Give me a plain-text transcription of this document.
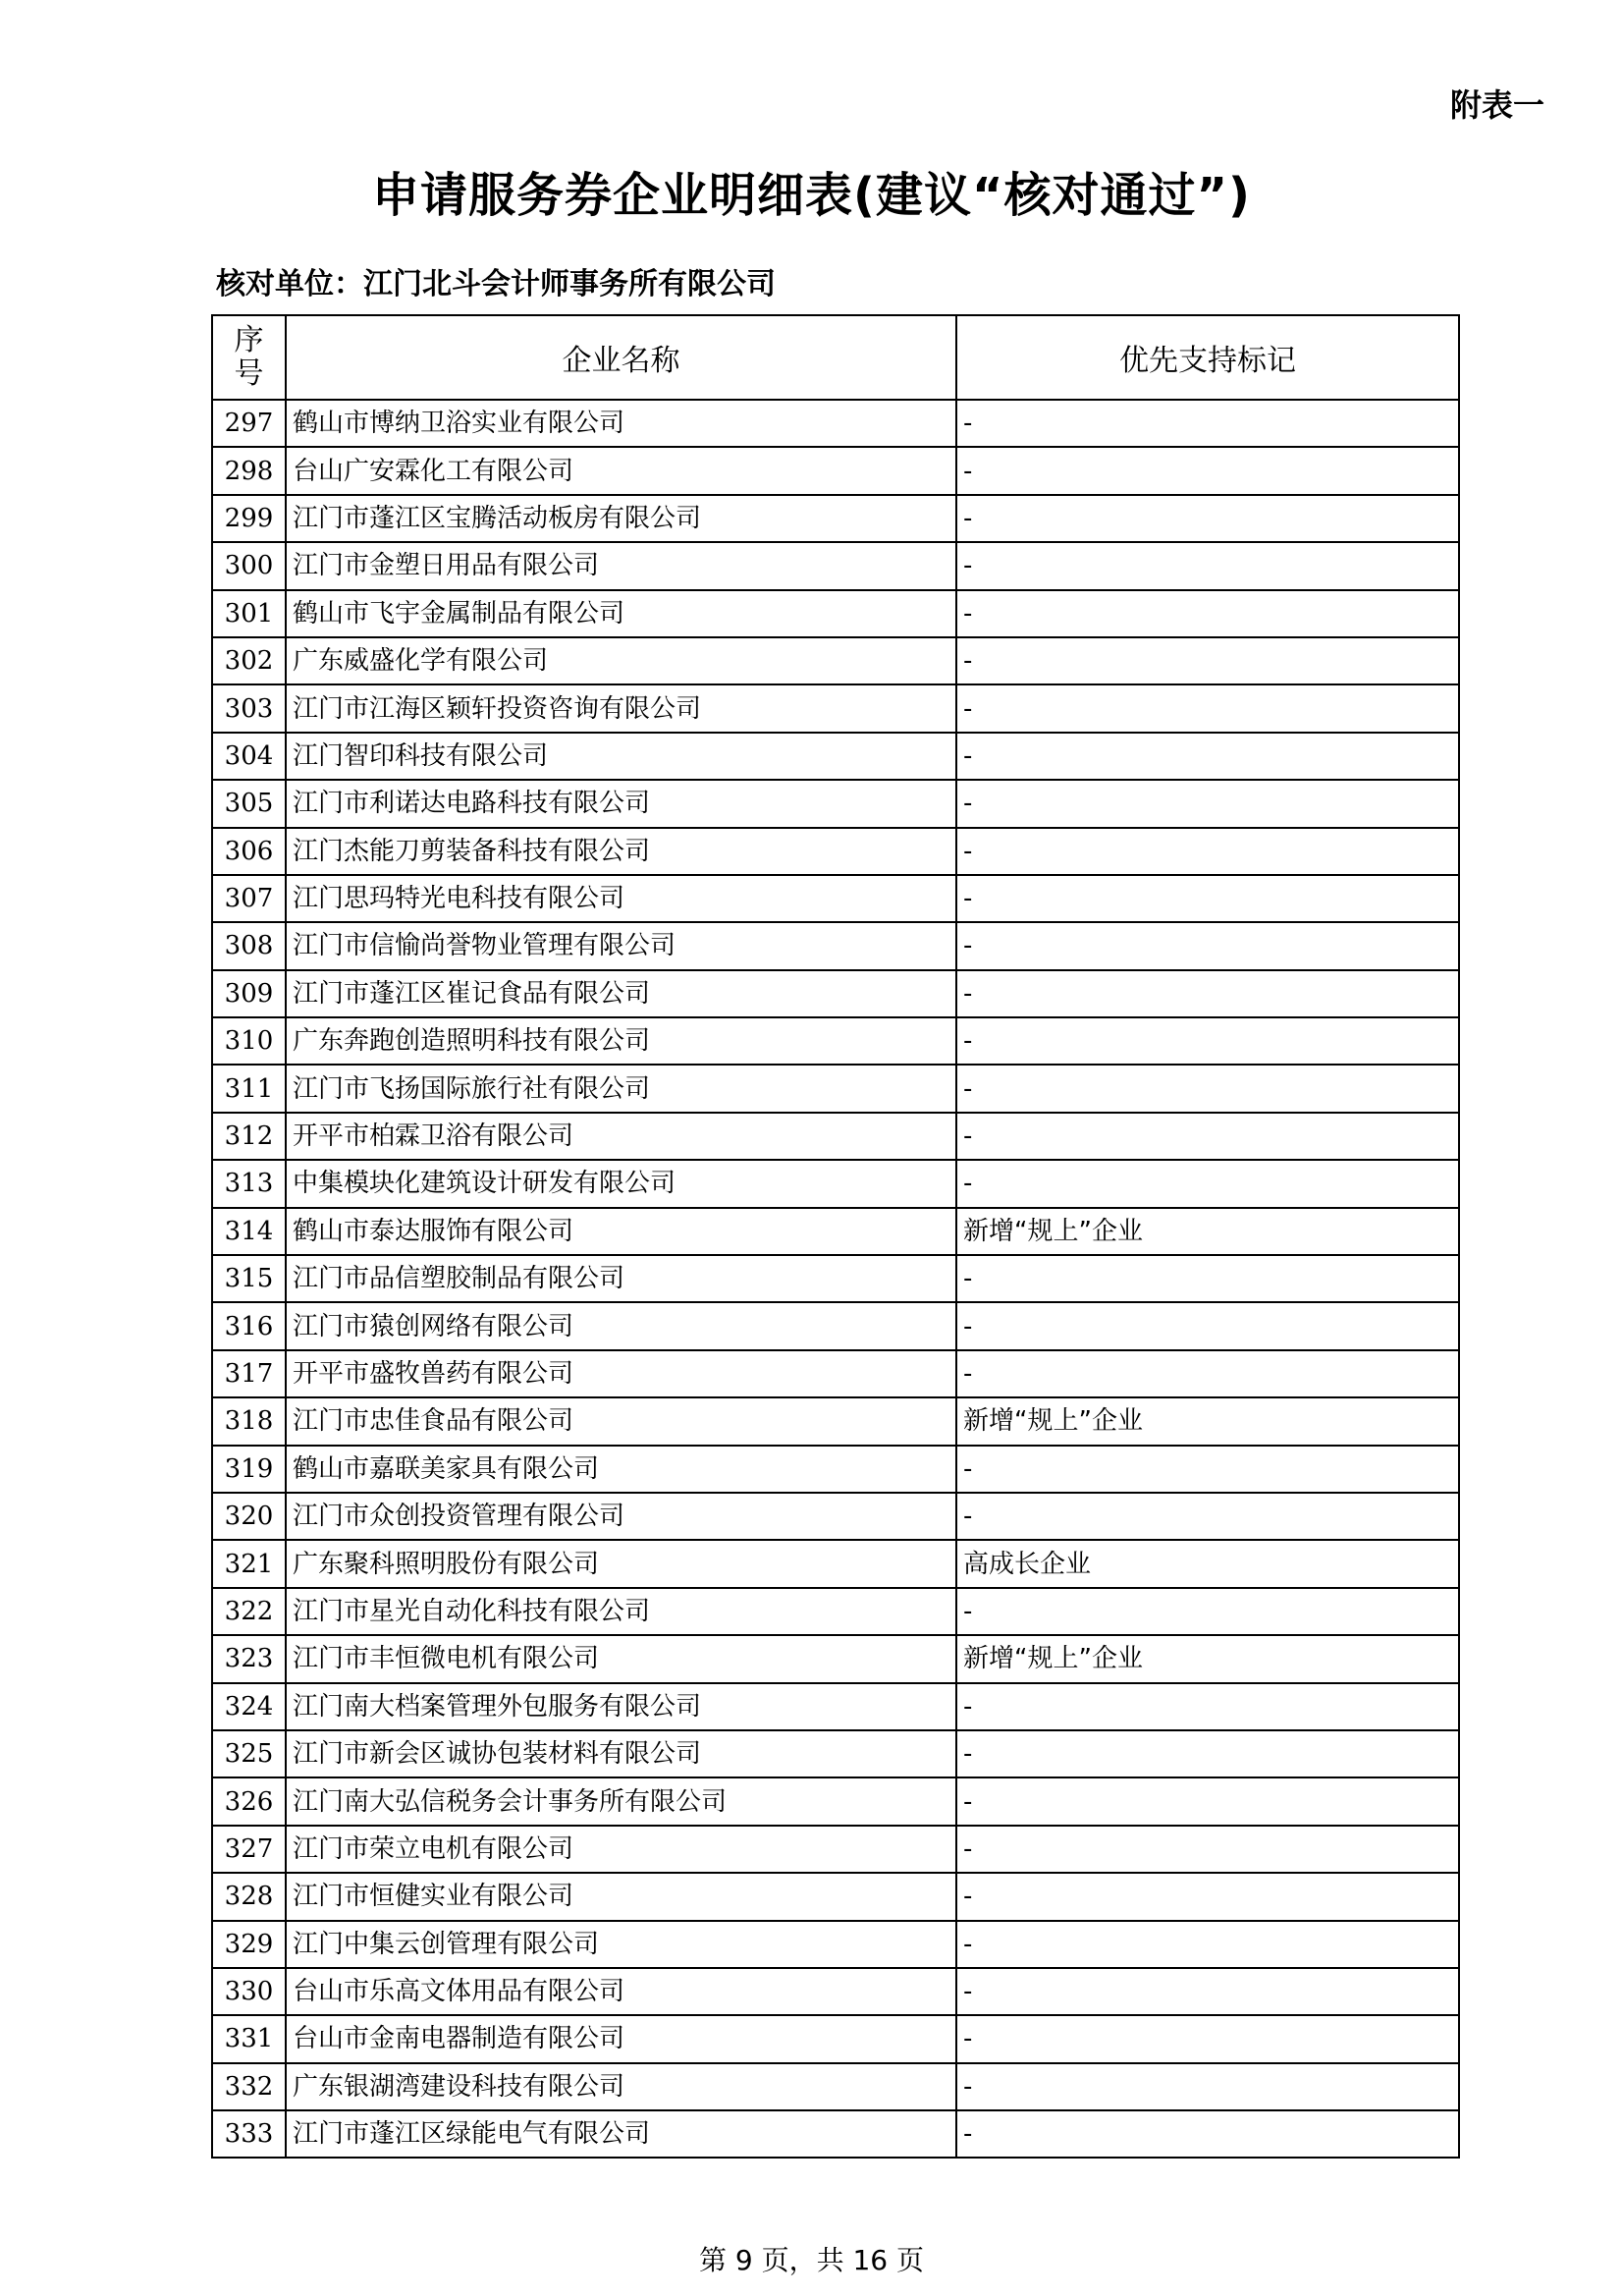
附表一
申请服务券企业明细表(建议“核对通过”)
核对单位：江门北斗会计师事务所有限公司
序
号	企业名称	优先支持标记
297	鹤山市博纳卫浴实业有限公司	-
298	台山广安霖化工有限公司	-
299	江门市蓬江区宝腾活动板房有限公司	-
300	江门市金塑日用品有限公司	-
301	鹤山市飞宇金属制品有限公司	-
302	广东威盛化学有限公司	-
303	江门市江海区颖轩投资咨询有限公司	-
304	江门智印科技有限公司	-
305	江门市利诺达电路科技有限公司	-
306	江门杰能刀剪装备科技有限公司	-
307	江门思玛特光电科技有限公司	-
308	江门市信愉尚誉物业管理有限公司	-
309	江门市蓬江区崔记食品有限公司	-
310	广东奔跑创造照明科技有限公司	-
311	江门市飞扬国际旅行社有限公司	-
312	开平市柏霖卫浴有限公司	-
313	中集模块化建筑设计研发有限公司	-
314	鹤山市泰达服饰有限公司	新增“规上”企业
315	江门市品信塑胶制品有限公司	-
316	江门市猿创网络有限公司	-
317	开平市盛牧兽药有限公司	-
318	江门市忠佳食品有限公司	新增“规上”企业
319	鹤山市嘉联美家具有限公司	-
320	江门市众创投资管理有限公司	-
321	广东聚科照明股份有限公司	高成长企业
322	江门市星光自动化科技有限公司	-
323	江门市丰恒微电机有限公司	新增“规上”企业
324	江门南大档案管理外包服务有限公司	-
325	江门市新会区诚协包装材料有限公司	-
326	江门南大弘信税务会计事务所有限公司	-
327	江门市荣立电机有限公司	-
328	江门市恒健实业有限公司	-
329	江门中集云创管理有限公司	-
330	台山市乐高文体用品有限公司	-
331	台山市金南电器制造有限公司	-
332	广东银湖湾建设科技有限公司	-
333	江门市蓬江区绿能电气有限公司	-
第 9 页，共 16 页
